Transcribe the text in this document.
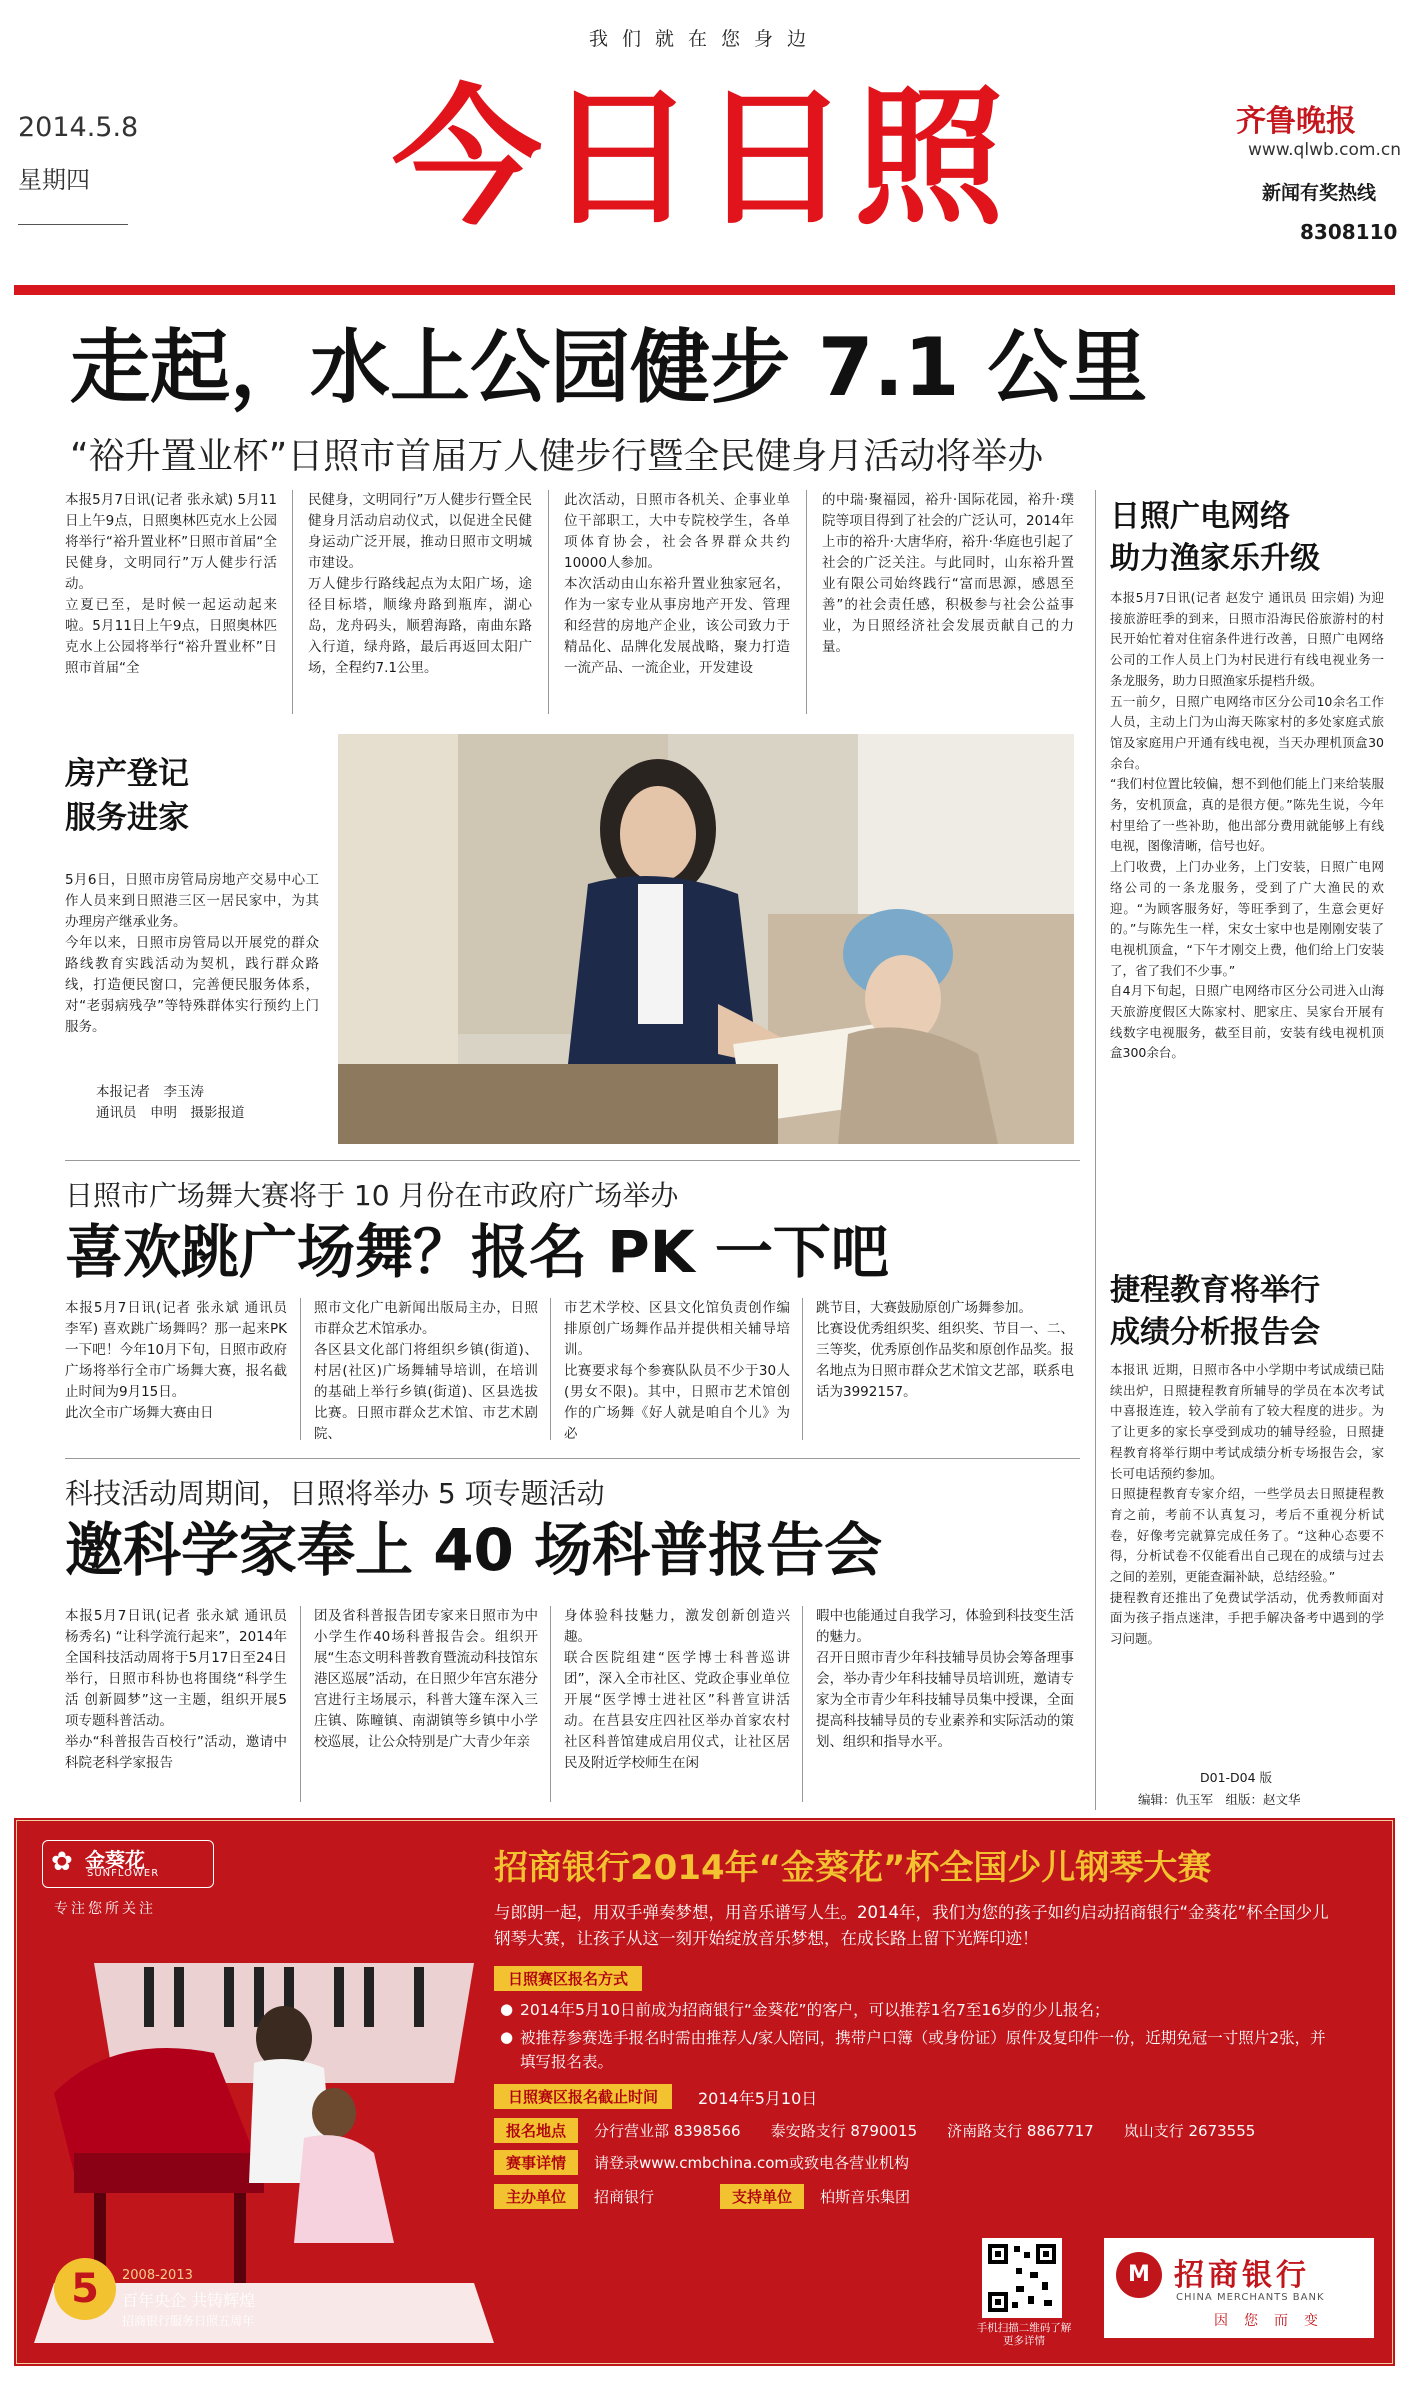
我们就在您身边
2014.5.8
星期四	今日日照	齐鲁晚报
www.qlwb.com.cn
新闻有奖热线
8308110
走起，水上公园健步 7.1 公里
“裕升置业杯”日照市首届万人健步行暨全民健身月活动将举办
本报5月7日讯(记者 张永斌) 5月11日上午9点，日照奥林匹克水上公园将举行“裕升置业杯”日照市首届“全民健身，文明同行”万人健步行活动。
立夏已至，是时候一起运动起来啦。5月11日上午9点，日照奥林匹克水上公园将举行“裕升置业杯”日照市首届“全
民健身，文明同行”万人健步行暨全民健身月活动启动仪式，以促进全民健身运动广泛开展，推动日照市文明城市建设。
万人健步行路线起点为太阳广场，途径目标塔，顺缘舟路到瓶库，湖心岛，龙舟码头，顺碧海路，南曲东路入行道，绿舟路，最后再返回太阳广场，全程约7.1公里。
此次活动，日照市各机关、企事业单位干部职工，大中专院校学生，各单项体育协会，社会各界群众共约10000人参加。
本次活动由山东裕升置业独家冠名，作为一家专业从事房地产开发、管理和经营的房地产企业，该公司致力于精品化、品牌化发展战略，聚力打造一流产品、一流企业，开发建设
的中瑞·聚福园，裕升·国际花园，裕升·璞院等项目得到了社会的广泛认可，2014年上市的裕升·大唐华府，裕升·华庭也引起了社会的广泛关注。与此同时，山东裕升置业有限公司始终践行“富而思源，感恩至善”的社会责任感，积极参与社会公益事业，为日照经济社会发展贡献自己的力量。
房产登记
服务进家
5月6日，日照市房管局房地产交易中心工作人员来到日照港三区一居民家中，为其办理房产继承业务。
今年以来，日照市房管局以开展党的群众路线教育实践活动为契机，践行群众路线，打造便民窗口，完善便民服务体系，对“老弱病残孕”等特殊群体实行预约上门服务。
本报记者　李玉涛
通讯员　申明　摄影报道
日照广电网络
助力渔家乐升级
本报5月7日讯(记者 赵发宁 通讯员 田宗娟) 为迎接旅游旺季的到来，日照市沿海民俗旅游村的村民开始忙着对住宿条件进行改善，日照广电网络公司的工作人员上门为村民进行有线电视业务一条龙服务，助力日照渔家乐提档升级。
五一前夕，日照广电网络市区分公司10余名工作人员，主动上门为山海天陈家村的多处家庭式旅馆及家庭用户开通有线电视，当天办理机顶盒30余台。
“我们村位置比较偏，想不到他们能上门来给装服务，安机顶盒，真的是很方便。”陈先生说，今年村里给了一些补助，他出部分费用就能够上有线电视，图像清晰，信号也好。
上门收费，上门办业务，上门安装，日照广电网络公司的一条龙服务，受到了广大渔民的欢迎。“为顾客服务好，等旺季到了，生意会更好的。”与陈先生一样，宋女士家中也是刚刚安装了电视机顶盒，“下午才刚交上费，他们给上门安装了，省了我们不少事。”
自4月下旬起，日照广电网络市区分公司进入山海天旅游度假区大陈家村、肥家庄、吴家台开展有线数字电视服务，截至目前，安装有线电视机顶盒300余台。
捷程教育将举行
成绩分析报告会
本报讯 近期，日照市各中小学期中考试成绩已陆续出炉，日照捷程教育所辅导的学员在本次考试中喜报连连，较入学前有了较大程度的进步。为了让更多的家长享受到成功的辅导经验，日照捷程教育将举行期中考试成绩分析专场报告会，家长可电话预约参加。
日照捷程教育专家介绍，一些学员去日照捷程教育之前，考前不认真复习，考后不重视分析试卷，好像考完就算完成任务了。“这种心态要不得，分析试卷不仅能看出自己现在的成绩与过去之间的差别，更能查漏补缺，总结经验。”
捷程教育还推出了免费试学活动，优秀教师面对面为孩子指点迷津，手把手解决备考中遇到的学习问题。
D01-D04 版
编辑：仇玉军　组版：赵文华
日照市广场舞大赛将于 10 月份在市政府广场举办
喜欢跳广场舞？报名 PK 一下吧
本报5月7日讯(记者 张永斌 通讯员 李军) 喜欢跳广场舞吗？那一起来PK一下吧！今年10月下旬，日照市政府广场将举行全市广场舞大赛，报名截止时间为9月15日。
此次全市广场舞大赛由日
照市文化广电新闻出版局主办，日照市群众艺术馆承办。
各区县文化部门将组织乡镇(街道)、村居(社区)广场舞辅导培训，在培训的基础上举行乡镇(街道)、区县选拔比赛。日照市群众艺术馆、市艺术剧院、
市艺术学校、区县文化馆负责创作编排原创广场舞作品并提供相关辅导培训。
比赛要求每个参赛队队员不少于30人(男女不限)。其中，日照市艺术馆创作的广场舞《好人就是咱自个儿》为必
跳节目，大赛鼓励原创广场舞参加。
比赛设优秀组织奖、组织奖、节目一、二、三等奖，优秀原创作品奖和原创作品奖。报名地点为日照市群众艺术馆文艺部，联系电话为3992157。
科技活动周期间，日照将举办 5 项专题活动
邀科学家奉上 40 场科普报告会
本报5月7日讯(记者 张永斌 通讯员 杨秀名) “让科学流行起来”，2014年全国科技活动周将于5月17日至24日举行，日照市科协也将围绕“科学生活 创新圆梦”这一主题，组织开展5项专题科普活动。
举办“科普报告百校行”活动，邀请中科院老科学家报告
团及省科普报告团专家来日照市为中小学生作40场科普报告会。组织开展“生态文明科普教育暨流动科技馆东港区巡展”活动，在日照少年宫东港分宫进行主场展示，科普大篷车深入三庄镇、陈疃镇、南湖镇等乡镇中小学校巡展，让公众特别是广大青少年亲
身体验科技魅力，激发创新创造兴趣。
联合医院组建“医学博士科普巡讲团”，深入全市社区、党政企事业单位开展“医学博士进社区”科普宣讲活动。在莒县安庄四社区举办首家农村社区科普馆建成启用仪式，让社区居民及附近学校师生在闲
暇中也能通过自我学习，体验到科技变生活的魅力。
召开日照市青少年科技辅导员协会筹备理事会，举办青少年科技辅导员培训班，邀请专家为全市青少年科技辅导员集中授课，全面提高科技辅导员的专业素养和实际活动的策划、组织和指导水平。
✿ 金葵花
SUNFLOWER
专注您所关注
5	2008-2013
百年央企 共铸辉煌
招商银行服务日照五周年
招商银行2014年“金葵花”杯全国少儿钢琴大赛
与郎朗一起，用双手弹奏梦想，用音乐谱写人生。2014年，我们为您的孩子如约启动招商银行“金葵花”杯全国少儿钢琴大赛，让孩子从这一刻开始绽放音乐梦想，在成长路上留下光辉印迹！
日照赛区报名方式
● 2014年5月10日前成为招商银行“金葵花”的客户，可以推荐1名7至16岁的少儿报名；
● 被推荐参赛选手报名时需由推荐人/家人陪同，携带户口簿（或身份证）原件及复印件一份，近期免冠一寸照片2张，并填写报名表。
日照赛区报名截止时间	2014年5月10日
报名地点	分行营业部 8398566　　泰安路支行 8790015　　济南路支行 8867717　　岚山支行 2673555
赛事详情	请登录www.cmbchina.com或致电各营业机构
主办单位	招商银行	支持单位	柏斯音乐集团
手机扫描二维码了解更多详情
M 招商银行
CHINA MERCHANTS BANK
因您而变
